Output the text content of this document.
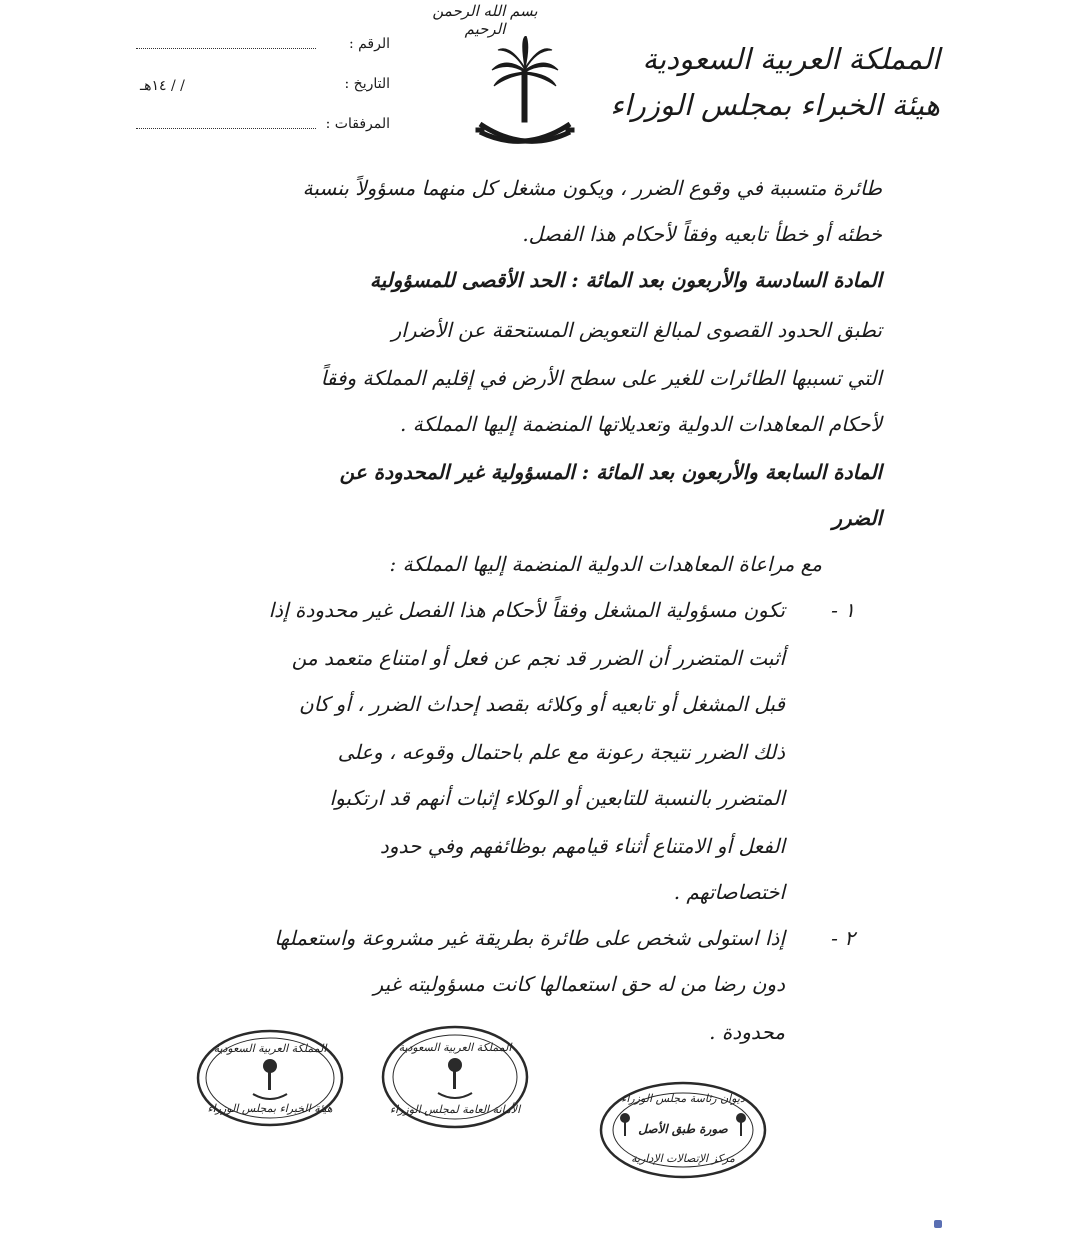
بسم الله الرحمن الرحيم
الرقم :
التاريخ :
/ / ١٤هـ
المرفقات :
المملكة العربية السعودية
هيئة الخبراء بمجلس الوزراء
طائرة متسببة في وقوع الضرر ، ويكون مشغل كل منهما مسؤولاً بنسبة
خطئه أو خطأ تابعيه وفقاً لأحكام هذا الفصل.
المادة السادسة والأربعون بعد المائة : الحد الأقصى للمسؤولية
تطبق الحدود القصوى لمبالغ التعويض المستحقة عن الأضرار
التي تسببها الطائرات للغير على سطح الأرض في إقليم المملكة وفقاً
لأحكام المعاهدات الدولية وتعديلاتها المنضمة إليها المملكة .
المادة السابعة والأربعون بعد المائة : المسؤولية غير المحدودة عن
الضرر
مع مراعاة المعاهدات الدولية المنضمة إليها المملكة :
١ -
تكون مسؤولية المشغل وفقاً لأحكام هذا الفصل غير محدودة إذا
أثبت المتضرر أن الضرر قد نجم عن فعل أو امتناع متعمد من
قبل المشغل أو تابعيه أو وكلائه بقصد إحداث الضرر ، أو كان
ذلك الضرر نتيجة رعونة مع علم باحتمال وقوعه ، وعلى
المتضرر بالنسبة للتابعين أو الوكلاء إثبات أنهم قد ارتكبوا
الفعل أو الامتناع أثناء قيامهم بوظائفهم وفي حدود
اختصاصاتهم .
٢ -
إذا استولى شخص على طائرة بطريقة غير مشروعة واستعملها
دون رضا من له حق استعمالها كانت مسؤوليته غير
محدودة .
المملكة العربية السعودية
هيئة الخبراء بمجلس الوزراء
المملكة العربية السعودية
الأمانة العامة لمجلس الوزراء
ديوان رئاسة مجلس الوزراء
صورة طبق الأصل
مركز الإتصالات الإدارية
